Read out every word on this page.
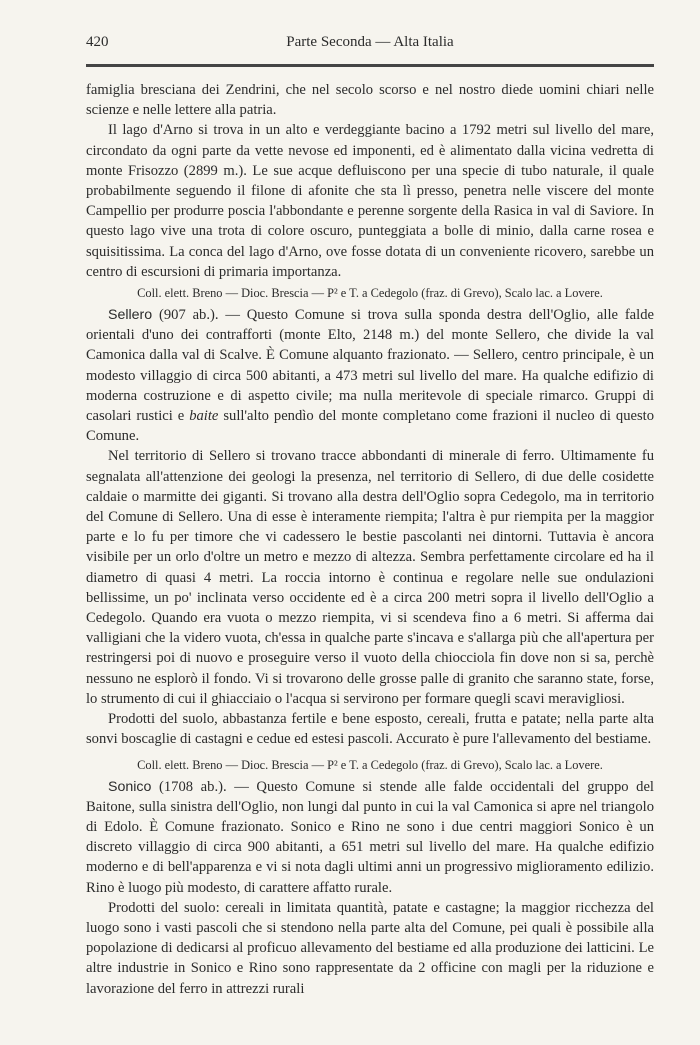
420	Parte Seconda — Alta Italia

famiglia bresciana dei Zendrini, che nel secolo scorso e nel nostro diede uomini chiari nelle scienze e nelle lettere alla patria.

Il lago d'Arno si trova in un alto e verdeggiante bacino a 1792 metri sul livello del mare, circondato da ogni parte da vette nevose ed imponenti, ed è alimentato dalla vicina vedretta di monte Frisozzo (2899 m.). Le sue acque defluiscono per una specie di tubo naturale, il quale probabilmente seguendo il filone di afonite che sta lì presso, penetra nelle viscere del monte Campellio per produrre poscia l'abbondante e perenne sorgente della Rasica in val di Saviore. In questo lago vive una trota di colore oscuro, punteggiata a bolle di minio, dalla carne rosea e squisitissima. La conca del lago d'Arno, ove fosse dotata di un conveniente ricovero, sarebbe un centro di escursioni di primaria importanza.

Coll. elett. Breno — Dioc. Brescia — P² e T. a Cedegolo (fraz. di Grevo), Scalo lac. a Lovere.

Sellero (907 ab.). — Questo Comune si trova sulla sponda destra dell'Oglio, alle falde orientali d'uno dei contrafforti (monte Elto, 2148 m.) del monte Sellero, che divide la val Camonica dalla val di Scalve. È Comune alquanto frazionato. — Sellero, centro principale, è un modesto villaggio di circa 500 abitanti, a 473 metri sul livello del mare. Ha qualche edifizio di moderna costruzione e di aspetto civile; ma nulla meritevole di speciale rimarco. Gruppi di casolari rustici e baite sull'alto pendìo del monte completano come frazioni il nucleo di questo Comune.

Nel territorio di Sellero si trovano tracce abbondanti di minerale di ferro. Ultimamente fu segnalata all'attenzione dei geologi la presenza, nel territorio di Sellero, di due delle cosidette caldaie o marmitte dei giganti. Si trovano alla destra dell'Oglio sopra Cedegolo, ma in territorio del Comune di Sellero. Una di esse è interamente riempita; l'altra è pur riempita per la maggior parte e lo fu per timore che vi cadessero le bestie pascolanti nei dintorni. Tuttavia è ancora visibile per un orlo d'oltre un metro e mezzo di altezza. Sembra perfettamente circolare ed ha il diametro di quasi 4 metri. La roccia intorno è continua e regolare nelle sue ondulazioni bellissime, un po' inclinata verso occidente ed è a circa 200 metri sopra il livello dell'Oglio a Cedegolo. Quando era vuota o mezzo riempita, vi si scendeva fino a 6 metri. Si afferma dai valligiani che la videro vuota, ch'essa in qualche parte s'incava e s'allarga più che all'apertura per restringersi poi di nuovo e proseguire verso il vuoto della chiocciola fin dove non si sa, perchè nessuno ne esplorò il fondo. Vi si trovarono delle grosse palle di granito che saranno state, forse, lo strumento di cui il ghiacciaio o l'acqua si servirono per formare quegli scavi meravigliosi.

Prodotti del suolo, abbastanza fertile e bene esposto, cereali, frutta e patate; nella parte alta sonvi boscaglie di castagni e cedue ed estesi pascoli. Accurato è pure l'allevamento del bestiame.

Coll. elett. Breno — Dioc. Brescia — P² e T. a Cedegolo (fraz. di Grevo), Scalo lac. a Lovere.

Sonico (1708 ab.). — Questo Comune si stende alle falde occidentali del gruppo del Baitone, sulla sinistra dell'Oglio, non lungi dal punto in cui la val Camonica si apre nel triangolo di Edolo. È Comune frazionato. Sonico e Rino ne sono i due centri maggiori Sonico è un discreto villaggio di circa 900 abitanti, a 651 metri sul livello del mare. Ha qualche edifizio moderno e di bell'apparenza e vi si nota dagli ultimi anni un progressivo miglioramento edilizio. Rino è luogo più modesto, di carattere affatto rurale.

Prodotti del suolo: cereali in limitata quantità, patate e castagne; la maggior ricchezza del luogo sono i vasti pascoli che si stendono nella parte alta del Comune, pei quali è possibile alla popolazione di dedicarsi al proficuo allevamento del bestiame ed alla produzione dei latticini. Le altre industrie in Sonico e Rino sono rappresentate da 2 officine con magli per la riduzione e lavorazione del ferro in attrezzi rurali
